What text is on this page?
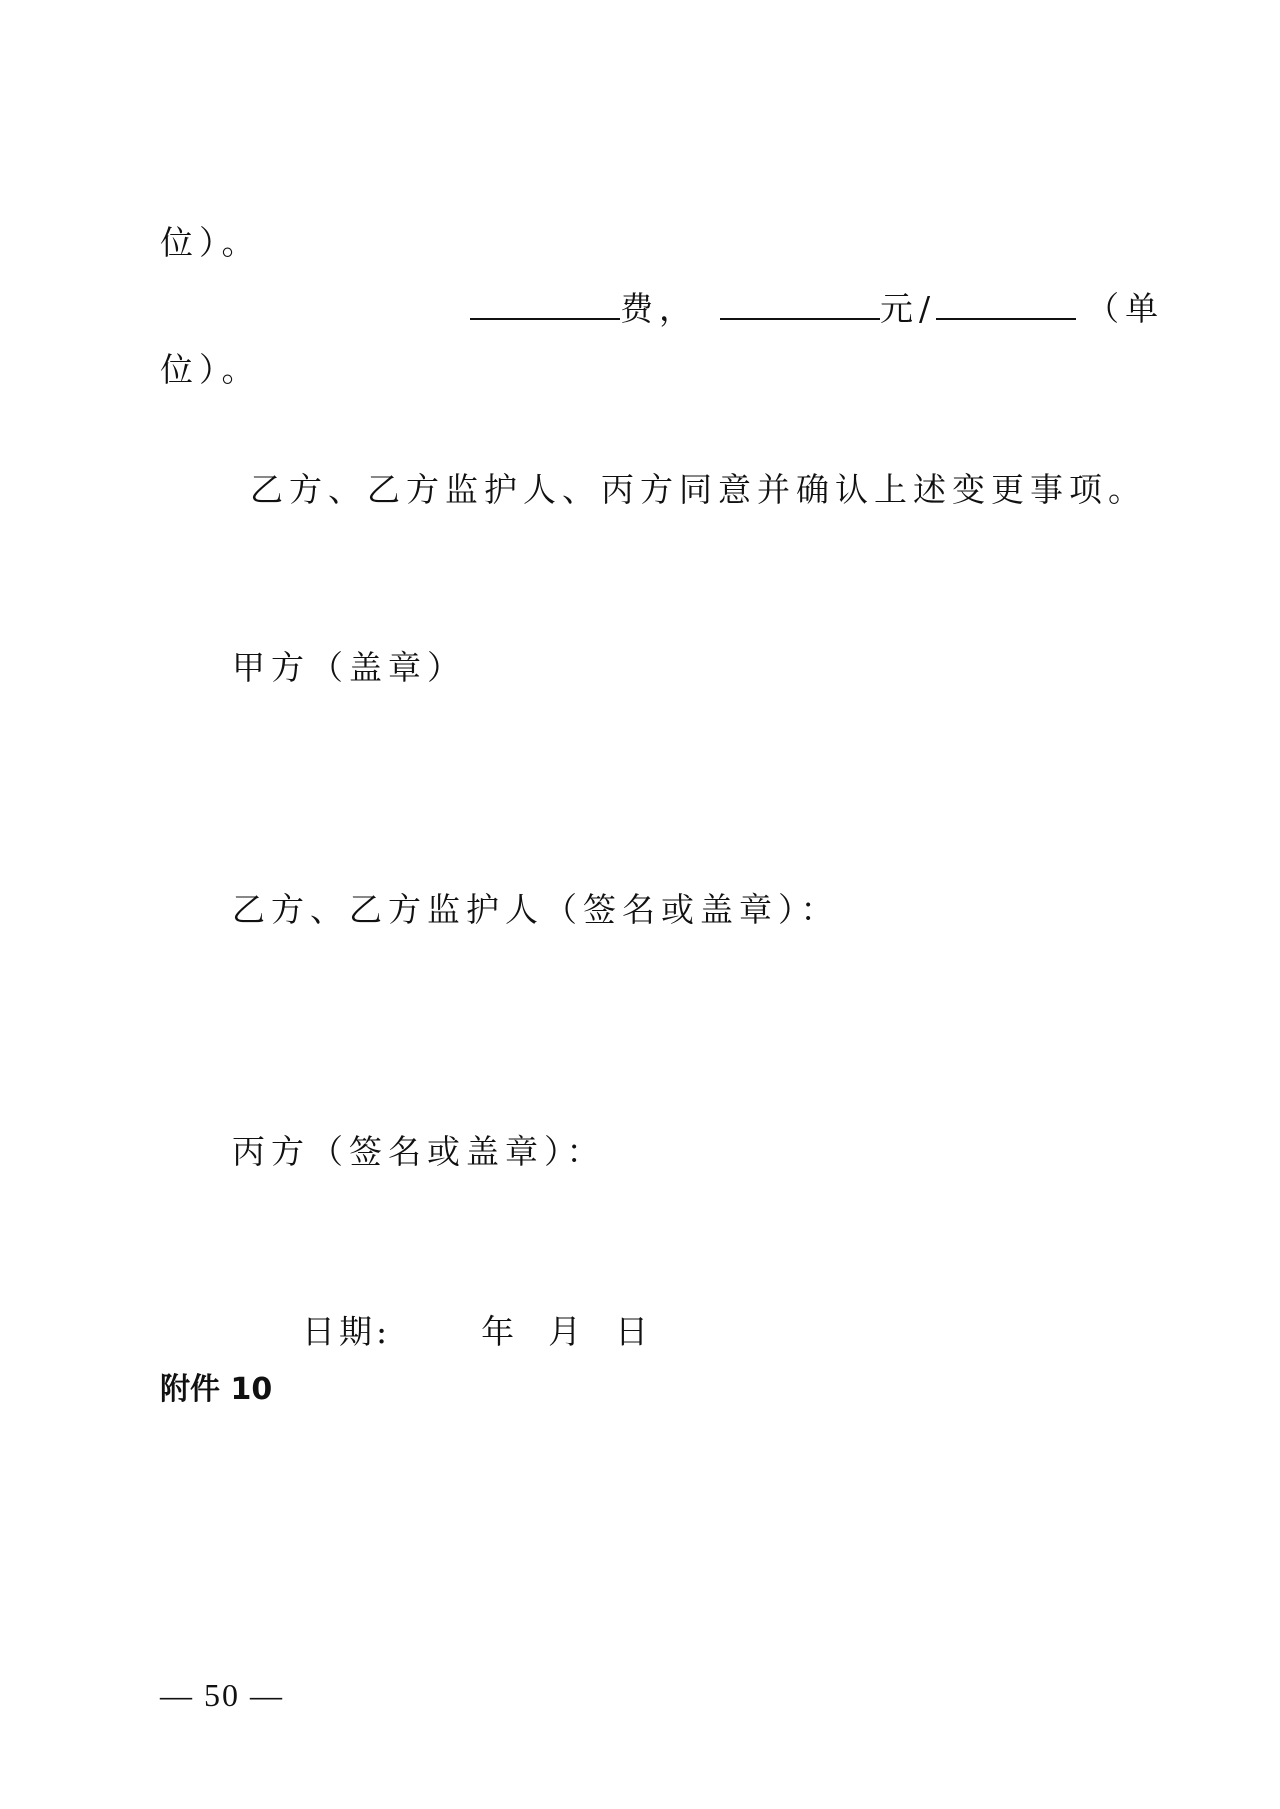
位）。
费，	元/	（单
位）。
乙方、乙方监护人、丙方同意并确认上述变更事项。
甲方（盖章）
乙方、乙方监护人（签名或盖章）：
丙方（签名或盖章）：
日期:	年 月 日
附件 10
— 50 —
